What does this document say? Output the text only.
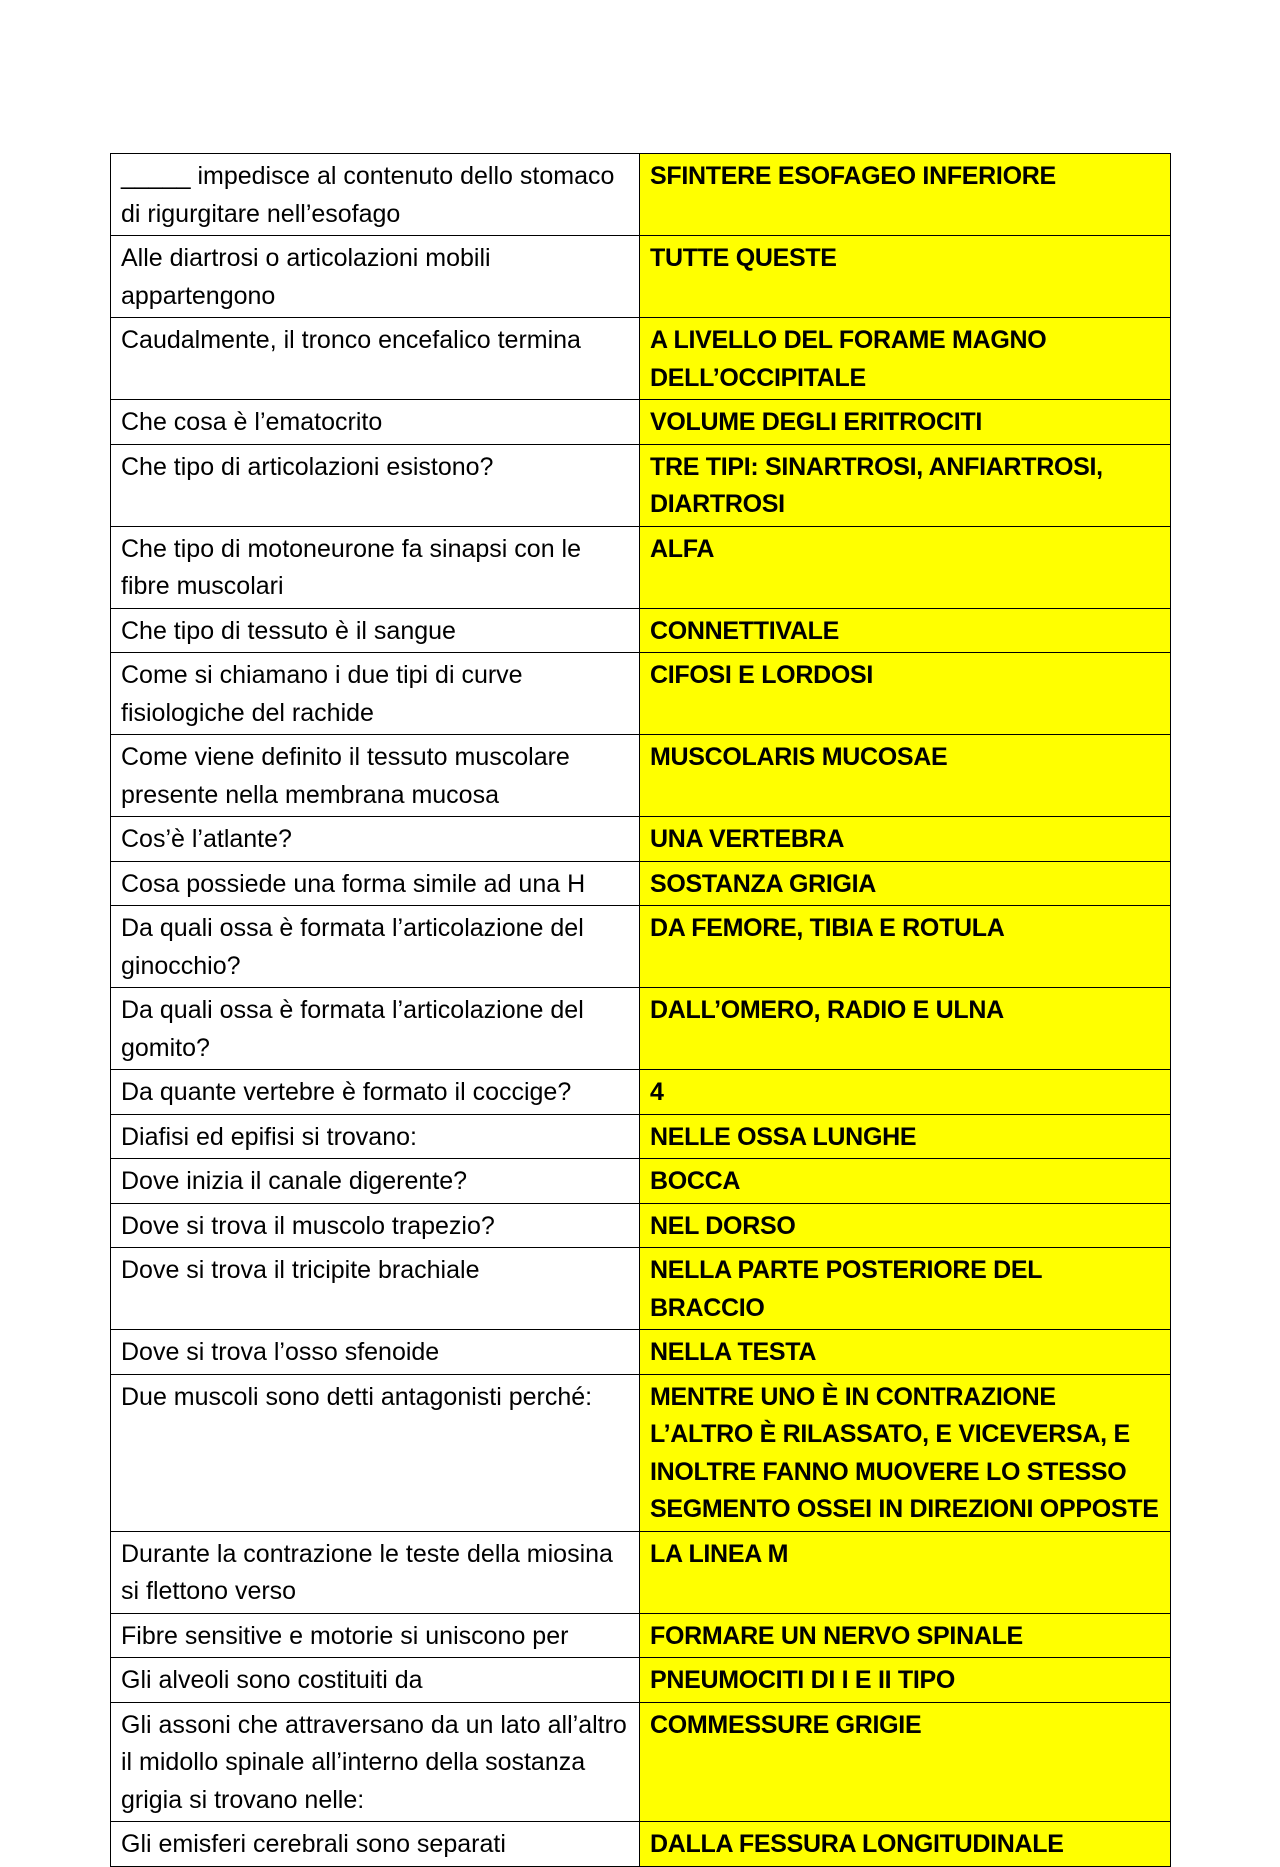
_____ impedisce al contenuto dello stomaco di rigurgitare nell’esofago	SFINTERE ESOFAGEO INFERIORE
Alle diartrosi o articolazioni mobili appartengono	TUTTE QUESTE
Caudalmente, il tronco encefalico termina	A LIVELLO DEL FORAME MAGNO DELL’OCCIPITALE
Che cosa è l’ematocrito	VOLUME DEGLI ERITROCITI
Che tipo di articolazioni esistono?	TRE TIPI: SINARTROSI, ANFIARTROSI, DIARTROSI
Che tipo di motoneurone fa sinapsi con le fibre muscolari	ALFA
Che tipo di tessuto è il sangue	CONNETTIVALE
Come si chiamano i due tipi di curve fisiologiche del rachide	CIFOSI E LORDOSI
Come viene definito il tessuto muscolare presente nella membrana mucosa	MUSCOLARIS MUCOSAE
Cos’è l’atlante?	UNA VERTEBRA
Cosa possiede una forma simile ad una H	SOSTANZA GRIGIA
Da quali ossa è formata l’articolazione del ginocchio?	DA FEMORE, TIBIA E ROTULA
Da quali ossa è formata l’articolazione del gomito?	DALL’OMERO, RADIO E ULNA
Da quante vertebre è formato il coccige?	4
Diafisi ed epifisi si trovano:	NELLE OSSA LUNGHE
Dove inizia il canale digerente?	BOCCA
Dove si trova il muscolo trapezio?	NEL DORSO
Dove si trova il tricipite brachiale	NELLA PARTE POSTERIORE DEL BRACCIO
Dove si trova l’osso sfenoide	NELLA TESTA
Due muscoli sono detti antagonisti perché:	MENTRE UNO È IN CONTRAZIONE L’ALTRO È RILASSATO, E VICEVERSA, E INOLTRE FANNO MUOVERE LO STESSO SEGMENTO OSSEI IN DIREZIONI OPPOSTE
Durante la contrazione le teste della miosina si flettono verso	LA LINEA M
Fibre sensitive e motorie si uniscono per	FORMARE UN NERVO SPINALE
Gli alveoli sono costituiti da	PNEUMOCITI DI I E II TIPO
Gli assoni che attraversano da un lato all’altro il midollo spinale all’interno della sostanza grigia si trovano nelle:	COMMESSURE GRIGIE
Gli emisferi cerebrali sono separati	DALLA FESSURA LONGITUDINALE
